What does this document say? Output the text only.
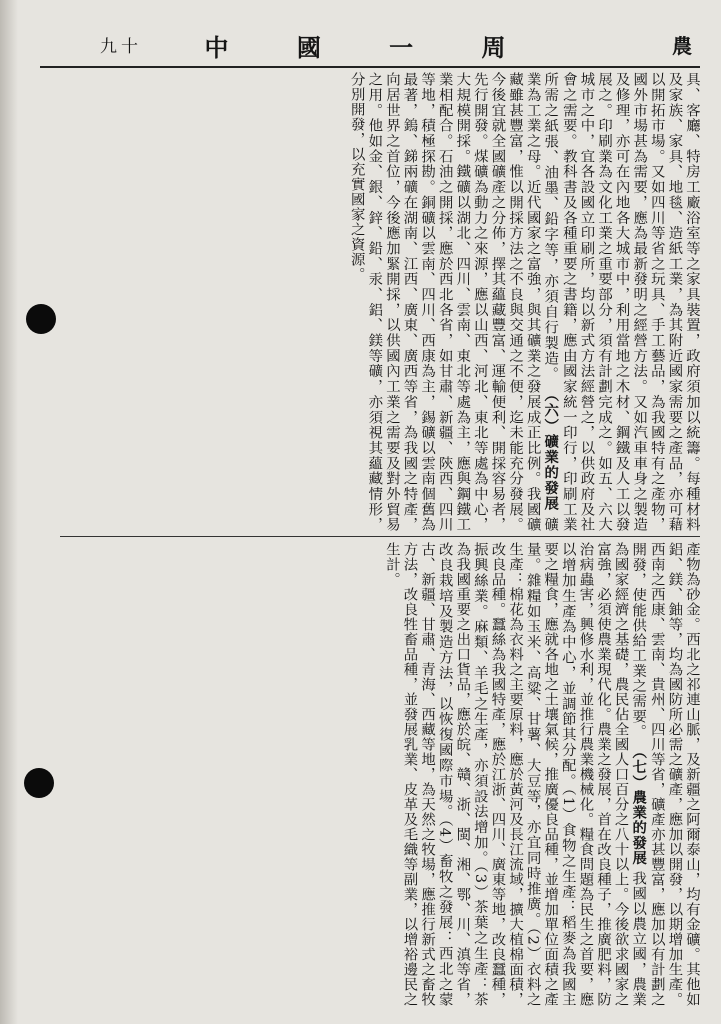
九十	中 國 一 周	農

具、客廳、特房工廠浴室等之家具裝置，政府須加以統籌。每種材料及家族、家具、地毯、造紙工業，為其附近國家需要之產品，亦可藉以開拓市場。又如四川等省之玩具、手工藝品，為我國特有之產物，國外市場甚為需要，應為最新發明之經營方法。又如汽車車身之製造及修理，亦可在內地各大城市中，利用當地之木材、鋼鐵及人工以發展之。印刷業為文化工業之重要部分，須有計劃完成之。如五、六大城市之中，宜各設國立印刷所，均以新式方法經營之，以供政府及社會之需要。教科書及各種重要之書籍，應由國家統一印行，印刷工業所需之紙張、油墨、鉛字等，亦須自行製造。

（六）礦業的發展

礦業為工業之母。近代國家之富強，與其礦業之發展成正比例。我國礦藏雖甚豐富，惟以開採方法之不良與交通之不便，迄未能充分發展。今後宜就全國礦產之分佈，擇其蘊藏豐富、運輸便利、開採容易者，先行開發。煤礦為動力之來源，應以山西、河北、東北等處為中心，大規模開採。鐵礦以湖北、四川、雲南、東北等處為主，應與鋼鐵工業相配合。石油之開採，應於西北各省，如甘肅、新疆、陝西、四川等地，積極探勘。銅礦以雲南、四川、西康為主，錫礦以雲南個舊為最著，鎢、銻兩礦在湖南、江西、廣東、廣西等省，為我國之特產，向居世界之首位，今後應加緊開採，以供國內工業之需要及對外貿易之用。他如金、銀、鋅、鉛、汞、鋁、鎂等礦，亦須視其蘊藏情形，分別開發，以充實國家之資源。

產物為砂金。西北之祁連山脈，及新疆之阿爾泰山，均有金礦。其他如鋁、鎂、鈾等，均為國防所必需之礦產，應加以開發，以期增加生產。西南之西康、雲南、貴州、四川等省，礦產亦甚豐富，應加以有計劃之開發，使能供給工業之需要。

（七）農業的發展

我國以農立國，農業為國家經濟之基礎，農民佔全國人口百分之八十以上。今後欲求國家之富強，必須使農業現代化。農業之發展，首在改良種子，推廣肥料，防治病蟲害，興修水利，並推行農業機械化。糧食問題為民生之首要，應以增加生產為中心，並調節其分配。（1）食物之生產：稻麥為我國主要之糧食，應就各地之土壤氣候，推廣優良品種，並增加單位面積之產量。雜糧如玉米、高粱、甘薯、大豆等，亦宜同時推廣。（2）衣料之生產：棉花為衣料之主要原料，應於黃河及長江流域，擴大植棉面積，改良品種。蠶絲為我國特產，應於江浙、四川、廣東等地，改良蠶種，振興絲業。麻類、羊毛之生產，亦須設法增加。（3）茶葉之生產：茶為我國重要之出口貨品，應於皖、贛、浙、閩、湘、鄂、川、滇等省，改良栽培及製造方法，以恢復國際市場。（4）畜牧之發展：西北之蒙古、新疆、甘肅、青海、西藏等地，為天然之牧場，應推行新式之畜牧方法，改良牲畜品種，並發展乳業、皮革及毛織等副業，以增裕邊民之生計。
